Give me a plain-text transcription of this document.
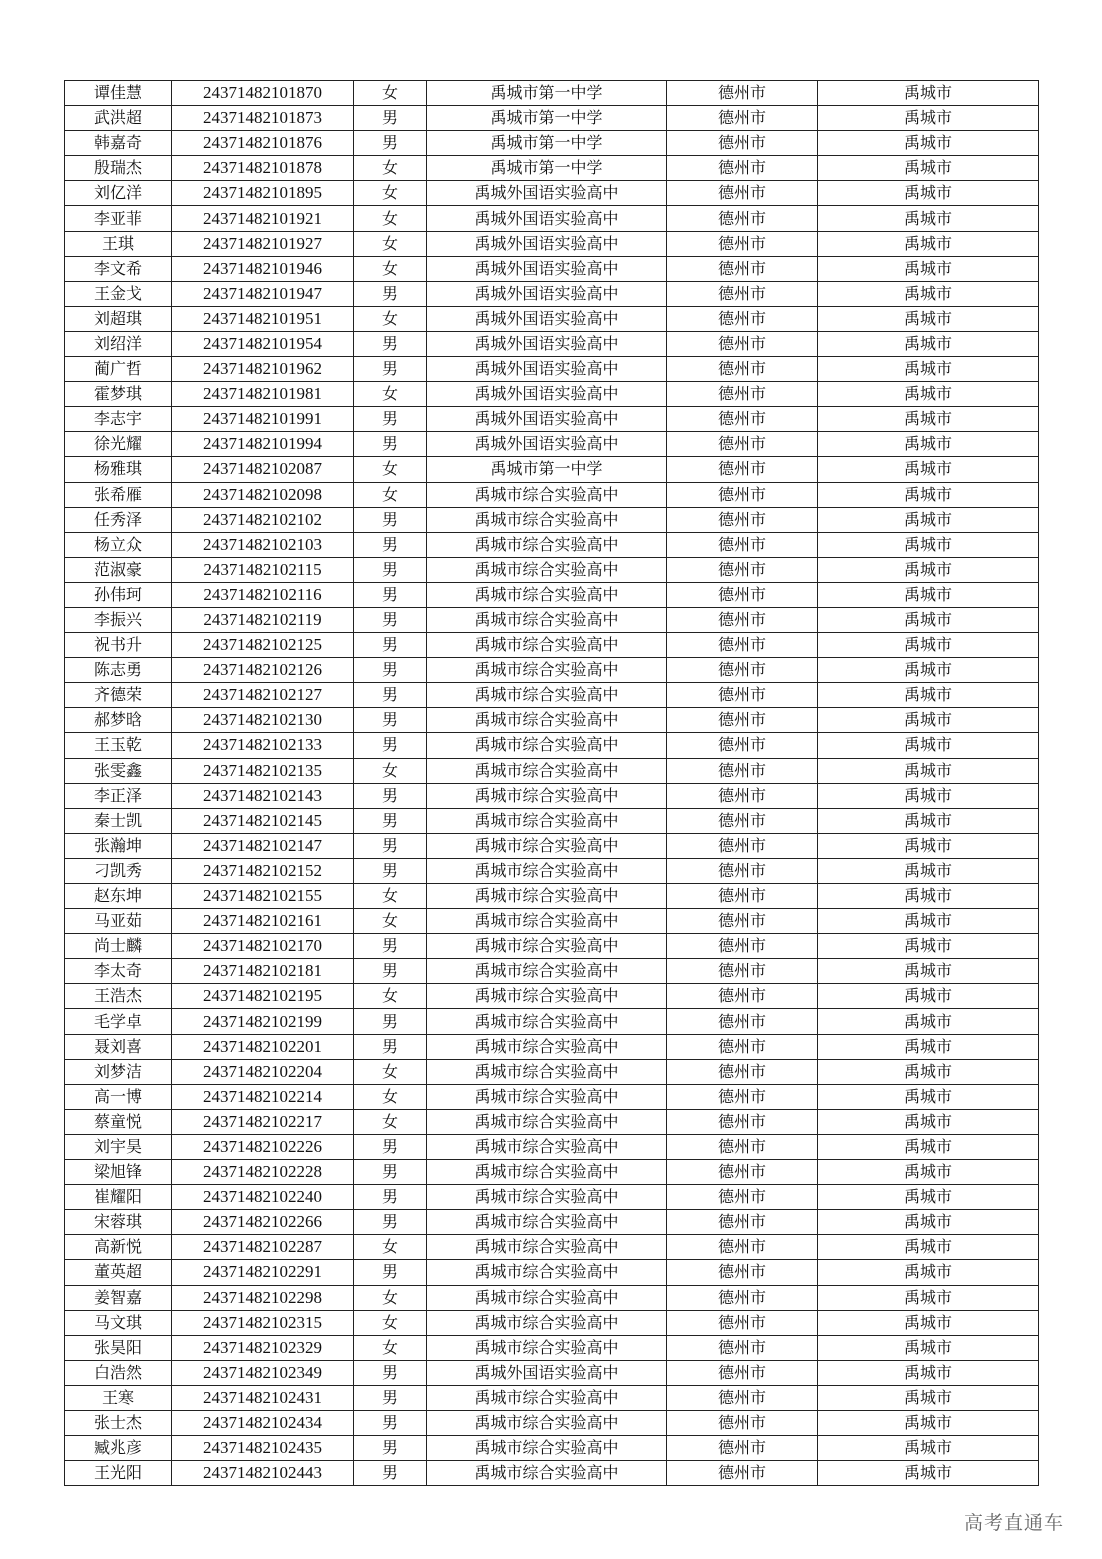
谭佳慧	24371482101870	女	禹城市第一中学	德州市	禹城市
武洪超	24371482101873	男	禹城市第一中学	德州市	禹城市
韩嘉奇	24371482101876	男	禹城市第一中学	德州市	禹城市
殷瑞杰	24371482101878	女	禹城市第一中学	德州市	禹城市
刘亿洋	24371482101895	女	禹城外国语实验高中	德州市	禹城市
李亚菲	24371482101921	女	禹城外国语实验高中	德州市	禹城市
王琪	24371482101927	女	禹城外国语实验高中	德州市	禹城市
李文希	24371482101946	女	禹城外国语实验高中	德州市	禹城市
王金戈	24371482101947	男	禹城外国语实验高中	德州市	禹城市
刘超琪	24371482101951	女	禹城外国语实验高中	德州市	禹城市
刘绍洋	24371482101954	男	禹城外国语实验高中	德州市	禹城市
蔺广哲	24371482101962	男	禹城外国语实验高中	德州市	禹城市
霍梦琪	24371482101981	女	禹城外国语实验高中	德州市	禹城市
李志宇	24371482101991	男	禹城外国语实验高中	德州市	禹城市
徐光耀	24371482101994	男	禹城外国语实验高中	德州市	禹城市
杨雅琪	24371482102087	女	禹城市第一中学	德州市	禹城市
张希雁	24371482102098	女	禹城市综合实验高中	德州市	禹城市
任秀泽	24371482102102	男	禹城市综合实验高中	德州市	禹城市
杨立众	24371482102103	男	禹城市综合实验高中	德州市	禹城市
范淑豪	24371482102115	男	禹城市综合实验高中	德州市	禹城市
孙伟珂	24371482102116	男	禹城市综合实验高中	德州市	禹城市
李振兴	24371482102119	男	禹城市综合实验高中	德州市	禹城市
祝书升	24371482102125	男	禹城市综合实验高中	德州市	禹城市
陈志勇	24371482102126	男	禹城市综合实验高中	德州市	禹城市
齐德荣	24371482102127	男	禹城市综合实验高中	德州市	禹城市
郝梦晗	24371482102130	男	禹城市综合实验高中	德州市	禹城市
王玉乾	24371482102133	男	禹城市综合实验高中	德州市	禹城市
张雯鑫	24371482102135	女	禹城市综合实验高中	德州市	禹城市
李正泽	24371482102143	男	禹城市综合实验高中	德州市	禹城市
秦士凯	24371482102145	男	禹城市综合实验高中	德州市	禹城市
张瀚坤	24371482102147	男	禹城市综合实验高中	德州市	禹城市
刁凯秀	24371482102152	男	禹城市综合实验高中	德州市	禹城市
赵东坤	24371482102155	女	禹城市综合实验高中	德州市	禹城市
马亚茹	24371482102161	女	禹城市综合实验高中	德州市	禹城市
尚士麟	24371482102170	男	禹城市综合实验高中	德州市	禹城市
李太奇	24371482102181	男	禹城市综合实验高中	德州市	禹城市
王浩杰	24371482102195	女	禹城市综合实验高中	德州市	禹城市
毛学卓	24371482102199	男	禹城市综合实验高中	德州市	禹城市
聂刘喜	24371482102201	男	禹城市综合实验高中	德州市	禹城市
刘梦洁	24371482102204	女	禹城市综合实验高中	德州市	禹城市
高一博	24371482102214	女	禹城市综合实验高中	德州市	禹城市
蔡童悦	24371482102217	女	禹城市综合实验高中	德州市	禹城市
刘宇昊	24371482102226	男	禹城市综合实验高中	德州市	禹城市
梁旭锋	24371482102228	男	禹城市综合实验高中	德州市	禹城市
崔耀阳	24371482102240	男	禹城市综合实验高中	德州市	禹城市
宋蓉琪	24371482102266	男	禹城市综合实验高中	德州市	禹城市
高新悦	24371482102287	女	禹城市综合实验高中	德州市	禹城市
董英超	24371482102291	男	禹城市综合实验高中	德州市	禹城市
姜智嘉	24371482102298	女	禹城市综合实验高中	德州市	禹城市
马文琪	24371482102315	女	禹城市综合实验高中	德州市	禹城市
张昊阳	24371482102329	女	禹城市综合实验高中	德州市	禹城市
白浩然	24371482102349	男	禹城外国语实验高中	德州市	禹城市
王寒	24371482102431	男	禹城市综合实验高中	德州市	禹城市
张士杰	24371482102434	男	禹城市综合实验高中	德州市	禹城市
臧兆彦	24371482102435	男	禹城市综合实验高中	德州市	禹城市
王光阳	24371482102443	男	禹城市综合实验高中	德州市	禹城市
高考直通车
